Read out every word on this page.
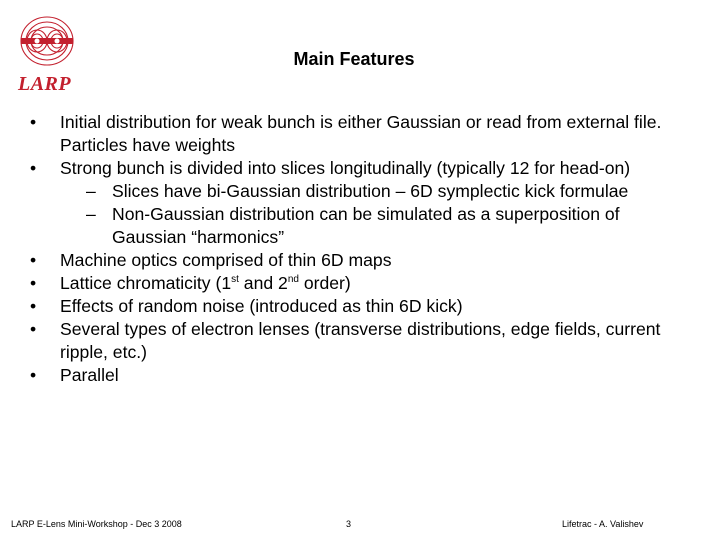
LARP
Main Features
•	Initial distribution for weak bunch is either Gaussian or read from external file. Particles have weights
•	Strong bunch is divided into slices longitudinally (typically 12 for head-on)
– Slices have bi-Gaussian distribution – 6D symplectic kick formulae
– Non-Gaussian distribution can be simulated as a superposition of Gaussian “harmonics”
•	Machine optics comprised of thin 6D maps
•	Lattice chromaticity (1st and 2nd order)
•	Effects of random noise (introduced as thin 6D kick)
•	Several types of electron lenses (transverse distributions, edge fields, current ripple, etc.)
•	Parallel
LARP E-Lens Mini-Workshop - Dec 3 2008	3	Lifetrac - A. Valishev
